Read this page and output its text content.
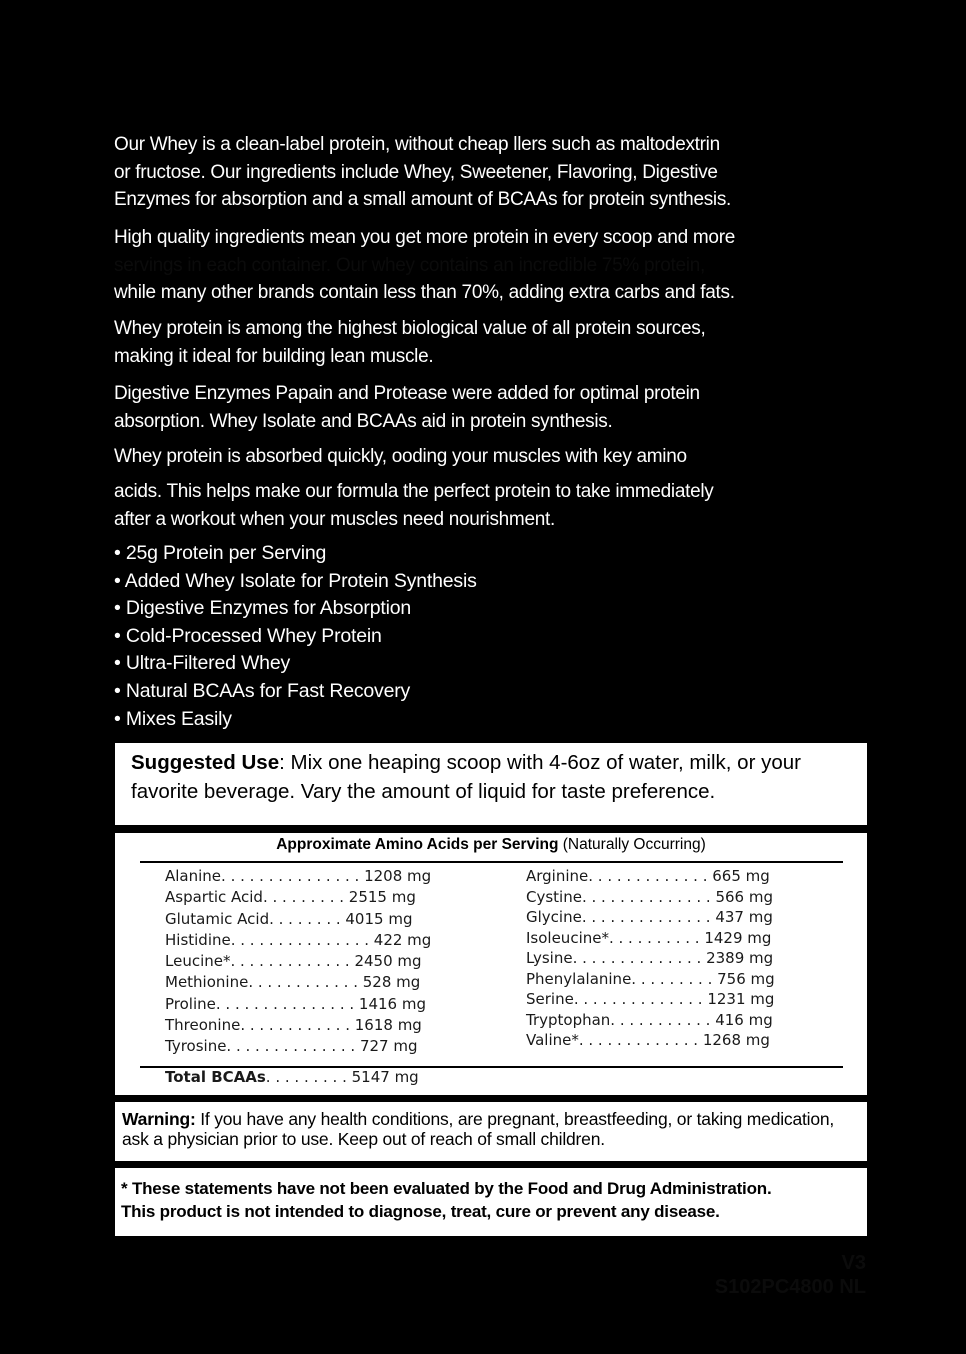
Our Whey is a clean-label protein, without cheap llers such as maltodextrin

or fructose. Our ingredients include Whey, Sweetener, Flavoring, Digestive

Enzymes for absorption and a small amount of BCAAs for protein synthesis.

High quality ingredients mean you get more protein in every scoop and more

servings in each container. Our whey contains an incredible 75% protein,

while many other brands contain less than 70%, adding extra carbs and fats.

Whey protein is among the highest biological value of all protein sources,

making it ideal for building lean muscle.

Digestive Enzymes Papain and Protease were added for optimal protein

absorption. Whey Isolate and BCAAs aid in protein synthesis.

Whey protein is absorbed quickly, ooding your muscles with key amino

acids. This helps make our formula the perfect protein to take immediately

after a workout when your muscles need nourishment.

• 25g Protein per Serving
• Added Whey Isolate for Protein Synthesis
• Digestive Enzymes for Absorption
• Cold-Processed Whey Protein
• Ultra-Filtered Whey
• Natural BCAAs for Fast Recovery
• Mixes Easily
Suggested Use: Mix one heaping scoop with 4-6oz of water, milk, or your favorite beverage. Vary the amount of liquid for taste preference.
Approximate Amino Acids per Serving (Naturally Occurring)
Alanine. . . . . . . . . . . . . . . 1208 mg
Aspartic Acid. . . . . . . . . 2515 mg
Glutamic Acid. . . . . . . . 4015 mg
Histidine. . . . . . . . . . . . . . . 422 mg
Leucine*. . . . . . . . . . . . . 2450 mg
Methionine. . . . . . . . . . . . 528 mg
Proline. . . . . . . . . . . . . . . 1416 mg
Threonine. . . . . . . . . . . . 1618 mg
Tyrosine. . . . . . . . . . . . . . 727 mg
Arginine. . . . . . . . . . . . . 665 mg
Cystine. . . . . . . . . . . . . . 566 mg
Glycine. . . . . . . . . . . . . . 437 mg
Isoleucine*. . . . . . . . . . 1429 mg
Lysine. . . . . . . . . . . . . . 2389 mg
Phenylalanine. . . . . . . . . 756 mg
Serine. . . . . . . . . . . . . . 1231 mg
Tryptophan. . . . . . . . . . . 416 mg
Valine*. . . . . . . . . . . . . 1268 mg
Total BCAAs. . . . . . . . . 5147 mg
Warning: If you have any health conditions, are pregnant, breastfeeding, or taking medication, ask a physician prior to use. Keep out of reach of small children.
* These statements have not been evaluated by the Food and Drug Administration.
This product is not intended to diagnose, treat, cure or prevent any disease.
V3
S102PC4800 NL
